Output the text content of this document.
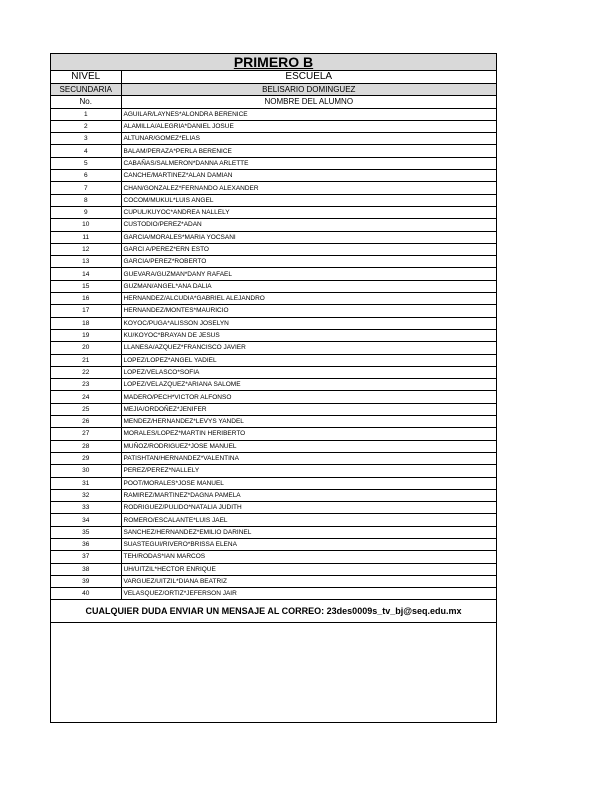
PRIMERO B	
NIVEL	ESCUELA
SECUNDARIA	BELISARIO DOMINGUEZ
No.	NOMBRE DEL ALUMNO
1	AGUILAR/LAYNES*ALONDRA BERENICE
2	ALAMILLA/ALEGRIA*DANIEL JOSUE
3	ALTUNAR/GOMEZ*ELIAS
4	BALAM/PERAZA*PERLA BERENICE
5	CABAÑAS/SALMERON*DANNA ARLETTE
6	CANCHE/MARTINEZ*ALAN DAMIAN
7	CHAN/GONZALEZ*FERNANDO ALEXANDER
8	COCOM/MUKUL*LUIS ANGEL
9	CUPUL/KUYOC*ANDREA NALLELY
10	CUSTODIO/PEREZ*ADAN
11	GARCIA/MORALES*MARIA YOCSANI
12	GARCI A/PEREZ*ERN ESTO
13	GARCIA/PEREZ*ROBERTO
14	GUEVARA/GUZMAN*DANY RAFAEL
15	GUZMAN/ANGEL*ANA DALIA
16	HERNANDEZ/ALCUDIA*GABRIEL ALEJANDRO
17	HERNANDEZ/MONTES*MAURICIO
18	KOYOC/PUGA*ALISSON JOSELYN
19	KU/KOYOC*BRAYAN DE JESUS
20	LLANESA/AZQUEZ*FRANCISCO JAVIER
21	LOPEZ/LOPEZ*ANGEL YADIEL
22	LOPEZ/VELASCO*SOFIA
23	LOPEZ/VELAZQUEZ*ARIANA SALOME
24	MADERO/PECH*VICTOR ALFONSO
25	MEJIA/ORDOÑEZ*JENIFER
26	MENDEZ/HERNANDEZ*LEVYS YANDEL
27	MORALES/LOPEZ*MARTIN HERIBERTO
28	MUÑOZ/RODRIGUEZ*JOSE MANUEL
29	PATISHTAN/HERNANDEZ*VALENTINA
30	PEREZ/PEREZ*NALLELY
31	POOT/MORALES*JOSE MANUEL
32	RAMIREZ/MARTINEZ*DAGNA PAMELA
33	RODRIGUEZ/PULIDO*NATALIA JUDITH
34	ROMERO/ESCALANTE*LUIS JAEL
35	SANCHEZ/HERNANDEZ*EMILIO DARINEL
36	SUASTEGUI/RIVERO*BRISSA ELENA
37	TEH/RODAS*IAN MARCOS
38	UH/UITZIL*HECTOR ENRIQUE
39	VARGUEZ/UITZIL*DIANA BEATRIZ
40	VELASQUEZ/ORTIZ*JEFERSON JAIR
CUALQUIER DUDA ENVIAR UN MENSAJE AL CORREO: 23des0009s_tv_bj@seq.edu.mx	
